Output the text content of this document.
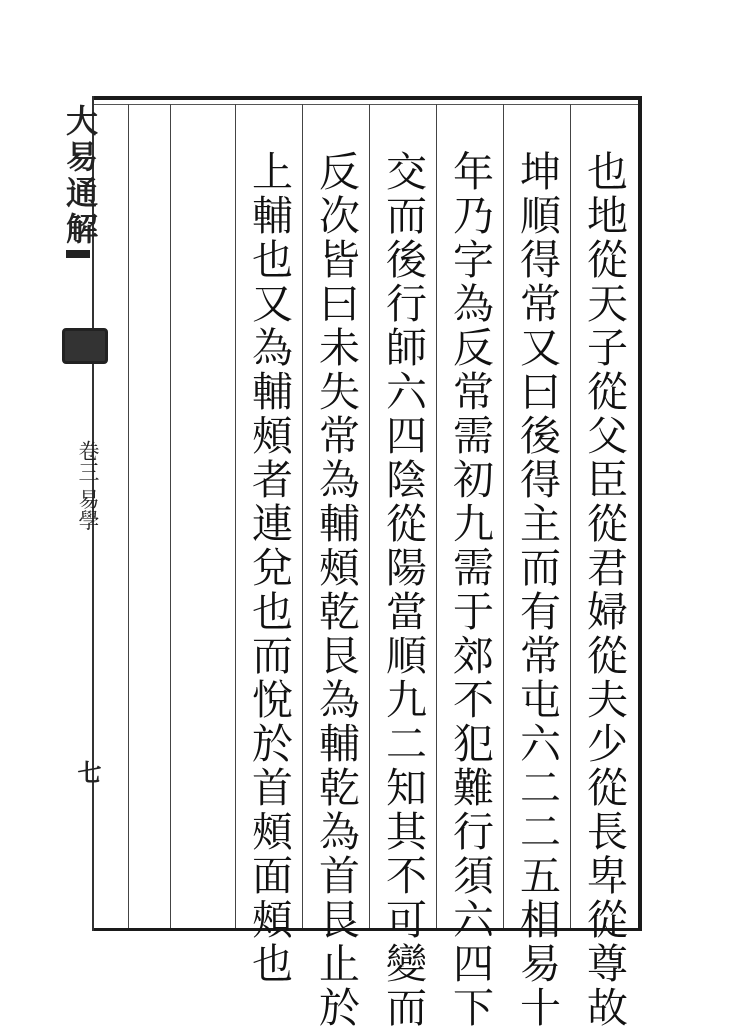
大易通解
卷三 易學
七	也地從天子從父臣從君婦從夫少從長卑從尊故
坤順得常又曰後得主而有常屯六二二五相易十
年乃字為反常需初九需于郊不犯難行須六四下
交而後行師六四陰從陽當順九二知其不可變而
反次皆曰未失常為輔頰乾艮為輔乾為首艮止於
上輔也又為輔頰者連兌也而悅於首頰面頰也
